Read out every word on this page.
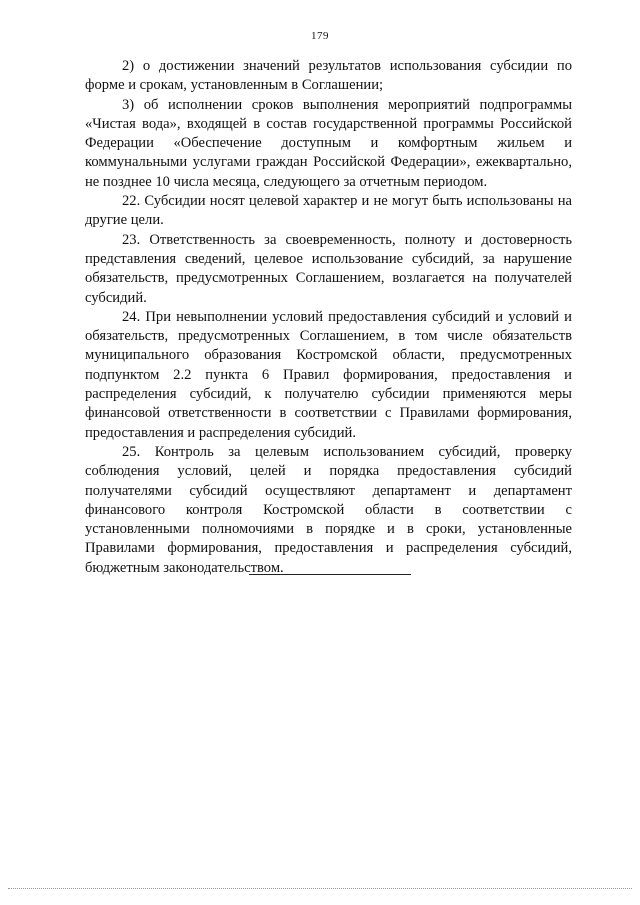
179

2) о достижении значений результатов использования субсидии по форме и срокам, установленным в Соглашении;

3) об исполнении сроков выполнения мероприятий подпрограммы «Чистая вода», входящей в состав государственной программы Российской Федерации «Обеспечение доступным и комфортным жильем и коммунальными услугами граждан Российской Федерации», ежеквартально, не позднее 10 числа месяца, следующего за отчетным периодом.

22. Субсидии носят целевой характер и не могут быть использованы на другие цели.

23. Ответственность за своевременность, полноту и достоверность представления сведений, целевое использование субсидий, за нарушение обязательств, предусмотренных Соглашением, возлагается на получателей субсидий.

24. При невыполнении условий предоставления субсидий и условий и обязательств, предусмотренных Соглашением, в том числе обязательств муниципального образования Костромской области, предусмотренных подпунктом 2.2 пункта 6 Правил формирования, предоставления и распределения субсидий, к получателю субсидии применяются меры финансовой ответственности в соответствии с Правилами формирования, предоставления и распределения субсидий.

25. Контроль за целевым использованием субсидий, проверку соблюдения условий, целей и порядка предоставления субсидий получателями субсидий осуществляют департамент и департамент финансового контроля Костромской области в соответствии с установленными полномочиями в порядке и в сроки, установленные Правилами формирования, предоставления и распределения субсидий, бюджетным законодательством.
